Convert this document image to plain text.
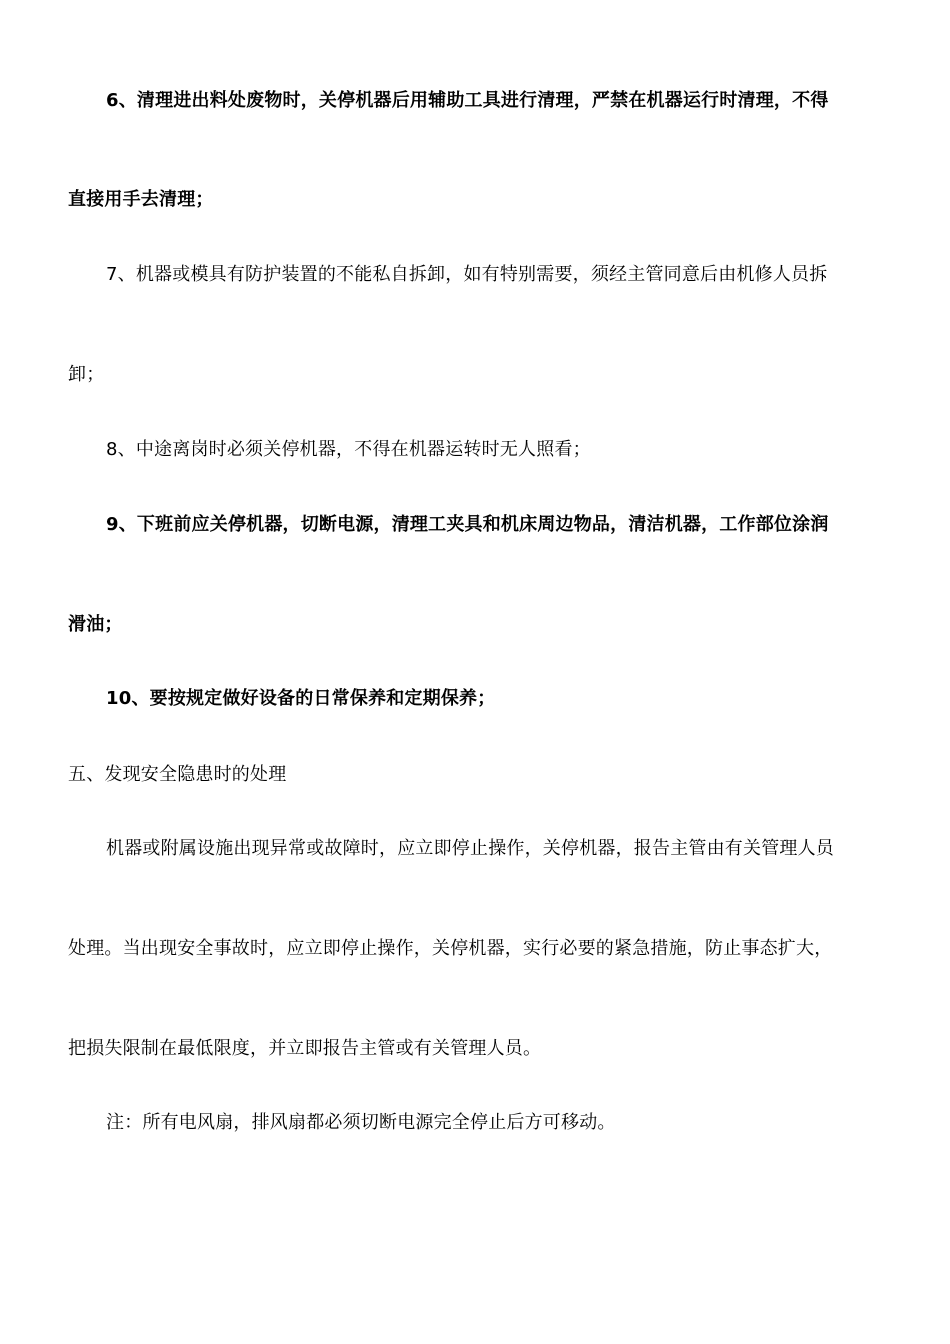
6、清理进出料处废物时，关停机器后用辅助工具进行清理，严禁在机器运行时清理，不得
直接用手去清理；
7、机器或模具有防护装置的不能私自拆卸，如有特别需要，须经主管同意后由机修人员拆
卸；
8、中途离岗时必须关停机器，不得在机器运转时无人照看；
9、下班前应关停机器，切断电源，清理工夹具和机床周边物品，清洁机器，工作部位涂润
滑油；
10、要按规定做好设备的日常保养和定期保养；
五、发现安全隐患时的处理
机器或附属设施出现异常或故障时，应立即停止操作，关停机器，报告主管由有关管理人员
处理。当出现安全事故时，应立即停止操作，关停机器，实行必要的紧急措施，防止事态扩大，
把损失限制在最低限度，并立即报告主管或有关管理人员。
注：所有电风扇，排风扇都必须切断电源完全停止后方可移动。
